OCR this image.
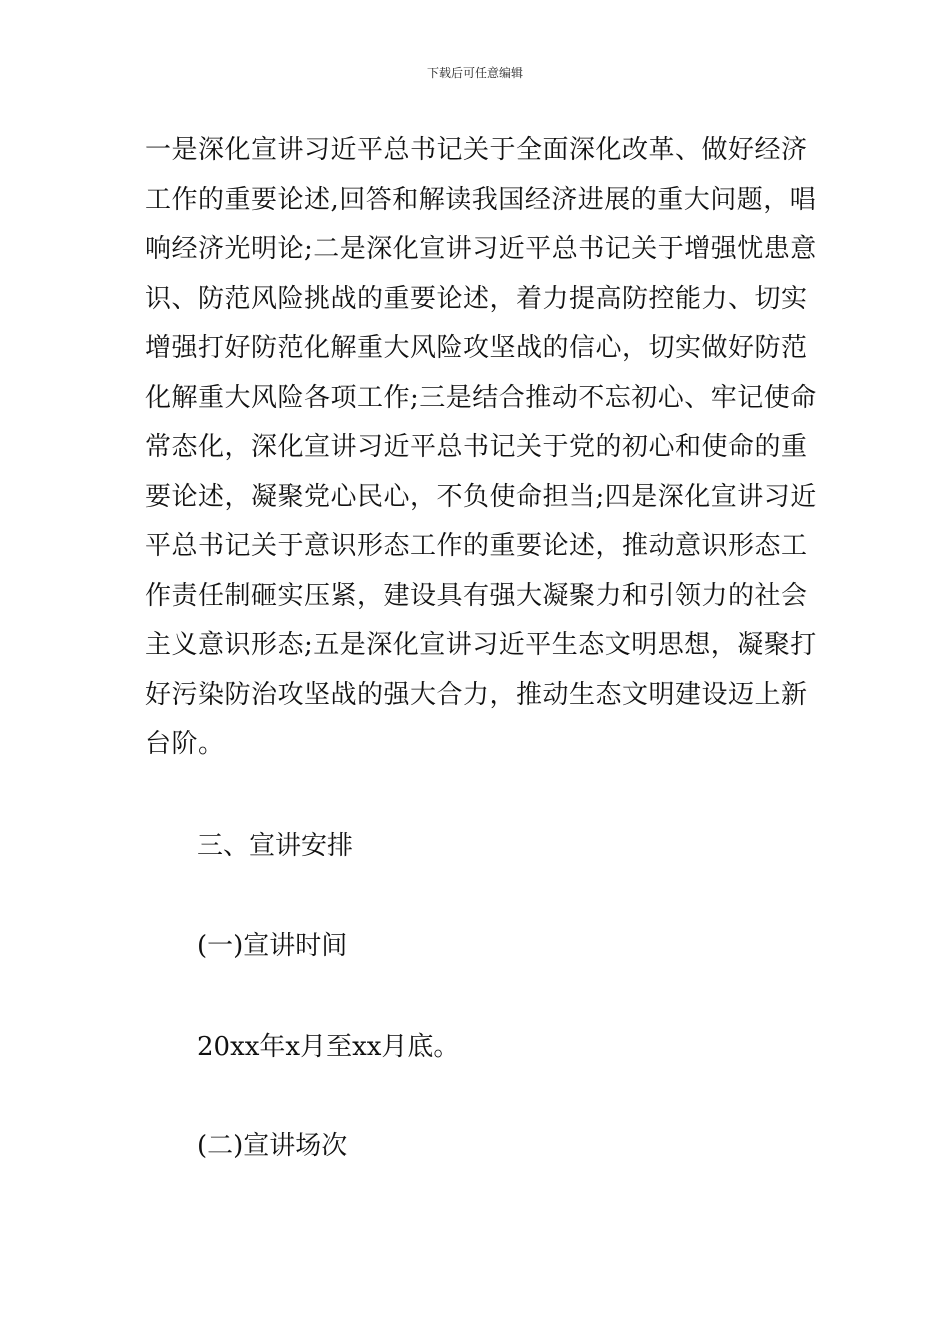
下载后可任意编辑
一是深化宣讲习近平总书记关于全面深化改革、做好经济
工作的重要论述,回答和解读我国经济进展的重大问题，唱
响经济光明论;二是深化宣讲习近平总书记关于增强忧患意
识、防范风险挑战的重要论述，着力提高防控能力、切实
增强打好防范化解重大风险攻坚战的信心，切实做好防范
化解重大风险各项工作;三是结合推动不忘初心、牢记使命
常态化，深化宣讲习近平总书记关于党的初心和使命的重
要论述，凝聚党心民心，不负使命担当;四是深化宣讲习近
平总书记关于意识形态工作的重要论述，推动意识形态工
作责任制砸实压紧，建设具有强大凝聚力和引领力的社会
主义意识形态;五是深化宣讲习近平生态文明思想，凝聚打
好污染防治攻坚战的强大合力，推动生态文明建设迈上新
台阶。

三、宣讲安排

(一)宣讲时间

20xx年x月至xx月底。

(二)宣讲场次
